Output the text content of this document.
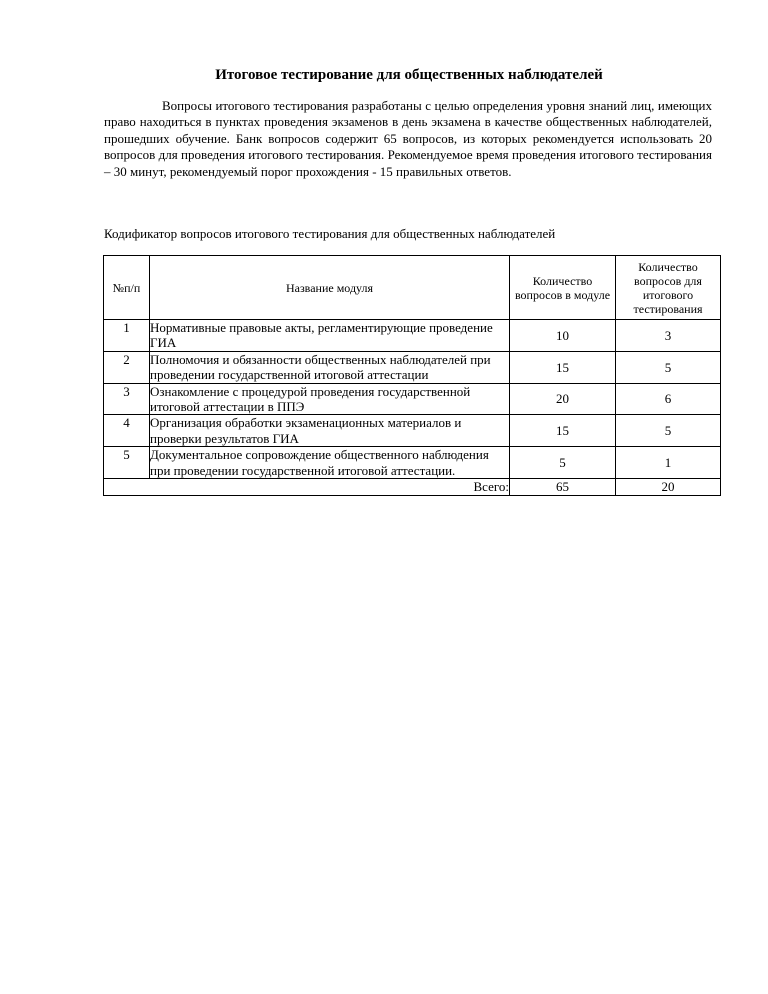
Итоговое тестирование для общественных наблюдателей

Вопросы итогового тестирования разработаны с целью определения уровня знаний лиц, имеющих право находиться в пунктах проведения экзаменов в день экзамена в качестве общественных наблюдателей, прошедших обучение. Банк вопросов содержит 65 вопросов, из которых рекомендуется использовать 20 вопросов для проведения итогового тестирования. Рекомендуемое время проведения итогового тестирования – 30 минут, рекомендуемый порог прохождения - 15 правильных ответов.

Кодификатор вопросов итогового тестирования для общественных наблюдателей
№п/п	Название модуля	Количество вопросов в модуле	Количество вопросов для итогового тестирования
1	Нормативные правовые акты, регламентирующие проведение ГИА	10	3
2	Полномочия и обязанности общественных наблюдателей при проведении государственной итоговой аттестации	15	5
3	Ознакомление с процедурой проведения государственной итоговой аттестации в ППЭ	20	6
4	Организация обработки экзаменационных материалов и проверки результатов ГИА	15	5
5	Документальное сопровождение общественного наблюдения при проведении государственной итоговой аттестации.	5	1
Всего:		65	20
